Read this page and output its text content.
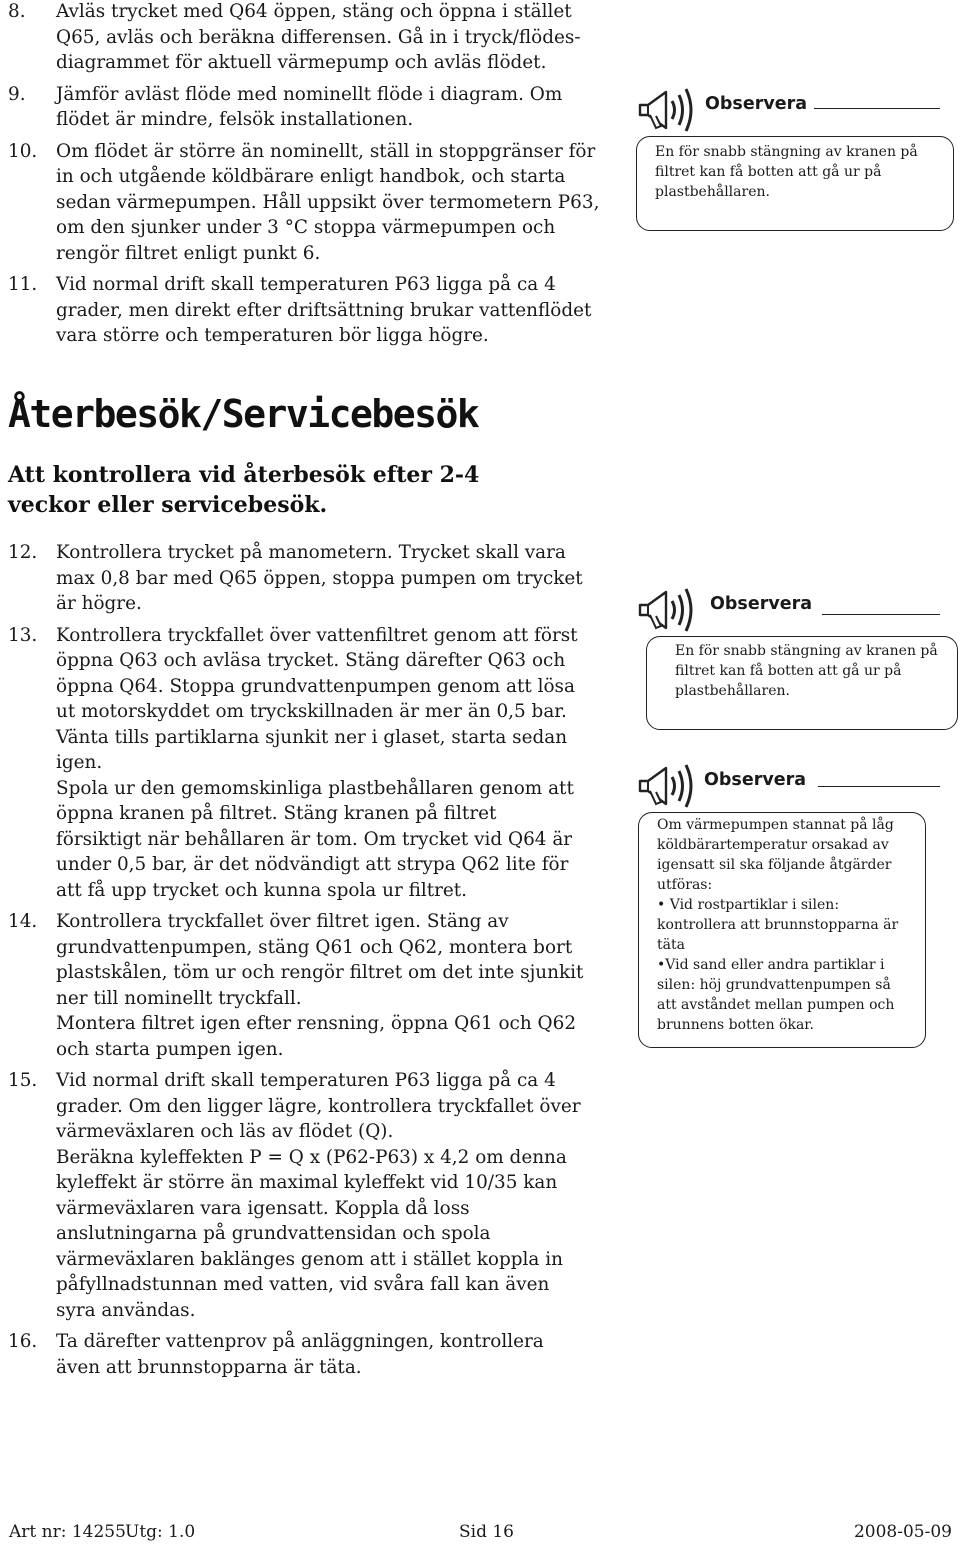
8. Avläs trycket med Q64 öppen, stäng och öppna i stället Q65, avläs och beräkna differensen. Gå in i tryck/flödes-diagrammet för aktuell värmepump och avläs flödet.
9. Jämför avläst flöde med nominellt flöde i diagram. Om flödet är mindre, felsök installationen.
10. Om flödet är större än nominellt, ställ in stoppgränser för in och utgående köldbärare enligt handbok, och starta sedan värmepumpen. Håll uppsikt över termometern P63, om den sjunker under 3 °C stoppa värmepumpen och rengör filtret enligt punkt 6.
11. Vid normal drift skall temperaturen P63 ligga på ca 4 grader, men direkt efter driftsättning brukar vattenflödet vara större och temperaturen bör ligga högre.
Återbesök/Servicebesök
Att kontrollera vid återbesök efter 2-4 veckor eller servicebesök.
12. Kontrollera trycket på manometern. Trycket skall vara max 0,8 bar med Q65 öppen, stoppa pumpen om trycket är högre.
13. Kontrollera tryckfallet över vattenfiltret genom att först öppna Q63 och avläsa trycket. Stäng därefter Q63 och öppna Q64. Stoppa grundvattenpumpen genom att lösa ut motorskyddet om tryckskillnaden är mer än 0,5 bar. Vänta tills partiklarna sjunkit ner i glaset, starta sedan igen.
Spola ur den gemomskinliga plastbehållaren genom att öppna kranen på filtret. Stäng kranen på filtret försiktigt när behållaren är tom. Om trycket vid Q64 är under 0,5 bar, är det nödvändigt att strypa Q62 lite för att få upp trycket och kunna spola ur filtret.
14. Kontrollera tryckfallet över filtret igen. Stäng av grundvattenpumpen, stäng Q61 och Q62, montera bort plastskålen, töm ur och rengör filtret om det inte sjunkit ner till nominellt tryckfall.
Montera filtret igen efter rensning, öppna Q61 och Q62 och starta pumpen igen.
15. Vid normal drift skall temperaturen P63 ligga på ca 4 grader. Om den ligger lägre, kontrollera tryckfallet över värmeväxlaren och läs av flödet (Q).
Beräkna kyleffekten P = Q x (P62-P63) x 4,2 om denna kyleffekt är större än maximal kyleffekt vid 10/35 kan värmeväxlaren vara igensatt. Koppla då loss anslutningarna på grundvattensidan och spola värmeväxlaren baklänges genom att i stället koppla in påfyllnadstunnan med vatten, vid svåra fall kan även syra användas.
16. Ta därefter vattenprov på anläggningen, kontrollera även att brunnstopparna är täta.
Observera
En för snabb stängning av kranen på filtret kan få botten att gå ur på plastbehållaren.
Observera
En för snabb stängning av kranen på filtret kan få botten att gå ur på plastbehållaren.
Observera
Om värmepumpen stannat på låg köldbärartemperatur orsakad av igensatt sil ska följande åtgärder utföras:
• Vid rostpartiklar i silen: kontrollera att brunnstopparna är täta
•Vid sand eller andra partiklar i silen: höj grundvattenpumpen så att avståndet mellan pumpen och brunnens botten ökar.
Art nr: 14255 Utg: 1.0	Sid 16	2008-05-09
